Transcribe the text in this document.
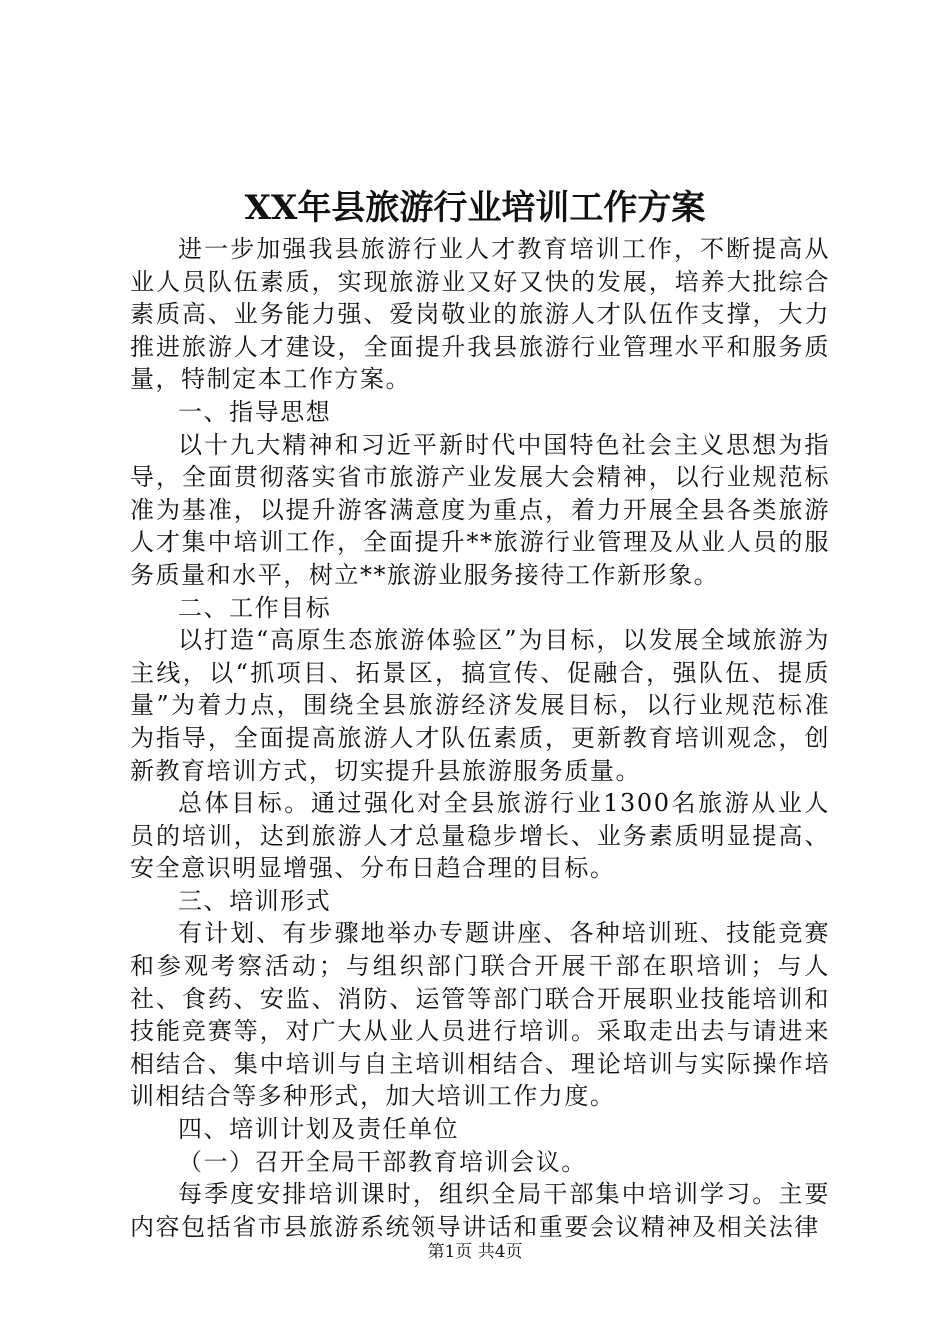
XX年县旅游行业培训工作方案

进一步加强我县旅游行业人才教育培训工作，不断提高从业人员队伍素质，实现旅游业又好又快的发展，培养大批综合素质高、业务能力强、爱岗敬业的旅游人才队伍作支撑，大力推进旅游人才建设，全面提升我县旅游行业管理水平和服务质量，特制定本工作方案。

一、指导思想

以十九大精神和习近平新时代中国特色社会主义思想为指导，全面贯彻落实省市旅游产业发展大会精神，以行业规范标准为基准，以提升游客满意度为重点，着力开展全县各类旅游人才集中培训工作，全面提升**旅游行业管理及从业人员的服务质量和水平，树立**旅游业服务接待工作新形象。

二、工作目标

以打造“高原生态旅游体验区”为目标，以发展全域旅游为主线，以“抓项目、拓景区，搞宣传、促融合，强队伍、提质量”为着力点，围绕全县旅游经济发展目标，以行业规范标准为指导，全面提高旅游人才队伍素质，更新教育培训观念，创新教育培训方式，切实提升县旅游服务质量。

总体目标。通过强化对全县旅游行业1300名旅游从业人员的培训，达到旅游人才总量稳步增长、业务素质明显提高、安全意识明显增强、分布日趋合理的目标。

三、培训形式

有计划、有步骤地举办专题讲座、各种培训班、技能竞赛和参观考察活动；与组织部门联合开展干部在职培训；与人社、食药、安监、消防、运管等部门联合开展职业技能培训和技能竞赛等，对广大从业人员进行培训。采取走出去与请进来相结合、集中培训与自主培训相结合、理论培训与实际操作培训相结合等多种形式，加大培训工作力度。

四、培训计划及责任单位

（一）召开全局干部教育培训会议。

每季度安排培训课时，组织全局干部集中培训学习。主要内容包括省市县旅游系统领导讲话和重要会议精神及相关法律

第1页 共4页
